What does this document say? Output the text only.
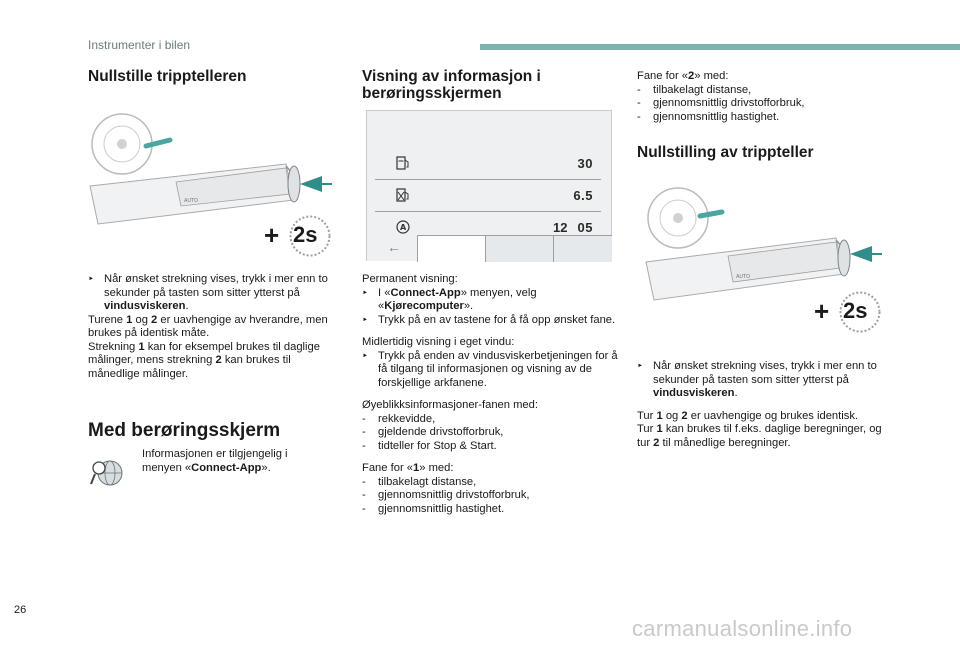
Instrumenter i bilen
Nullstille tripptelleren
AUTO
+ 2s
‣ Når ønsket strekning vises, trykk i mer enn to sekunder på tasten som sitter ytterst på vindusviskeren.

Turene 1 og 2 er uavhengige av hverandre, men brukes på identisk måte.

Strekning 1 kan for eksempel brukes til daglige målinger, mens strekning 2 kan brukes til månedlige målinger.

Med berøringsskjerm
Informasjonen er tilgjengelig i menyen «Connect-App».
Visning av informasjon i
berøringsskjermen
30
6.5
A	12 05
←

Permanent visning:

‣ I «Connect-App» menyen, velg «Kjørecomputer».
‣ Trykk på en av tastene for å få opp ønsket fane.

Midlertidig visning i eget vindu:

‣ Trykk på enden av vindusviskerbetjeningen for å få tilgang til informasjonen og visning av de forskjellige arkfanene.

Øyeblikksinformasjoner-fanen med:

- rekkevidde,
- gjeldende drivstofforbruk,
- tidteller for Stop & Start.

Fane for «1» med:

- tilbakelagt distanse,
- gjennomsnittlig drivstofforbruk,
- gjennomsnittlig hastighet.

Fane for «2» med:

- tilbakelagt distanse,
- gjennomsnittlig drivstofforbruk,
- gjennomsnittlig hastighet.
Nullstilling av trippteller
AUTO
+ 2s
‣ Når ønsket strekning vises, trykk i mer enn to sekunder på tasten som sitter ytterst på vindusviskeren.

Tur 1 og 2 er uavhengige og brukes identisk.

Tur 1 kan brukes til f.eks. daglige beregninger, og tur 2 til månedlige beregninger.

26
carmanualsonline.info
